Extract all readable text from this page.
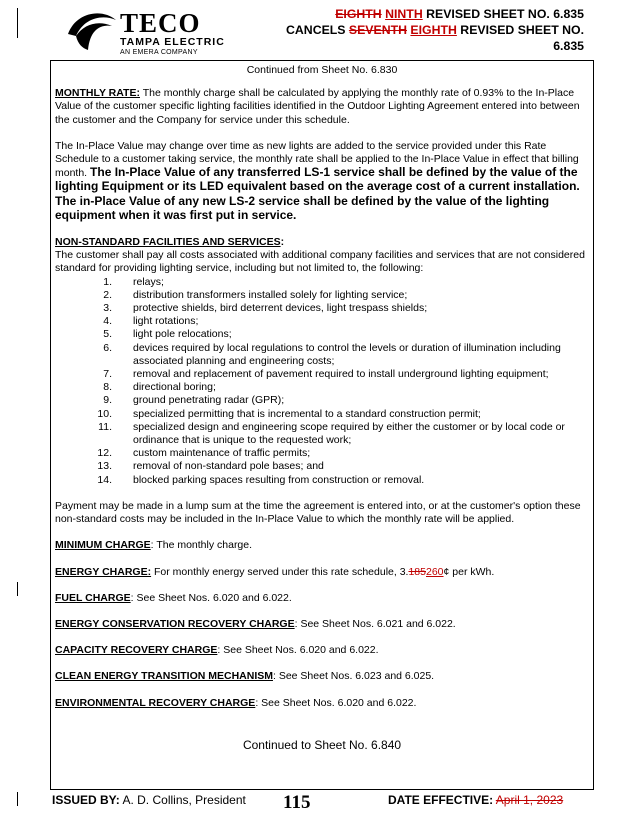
TECO
TAMPA ELECTRIC
AN EMERA COMPANY
EIGHTH NINTH REVISED SHEET NO. 6.835
CANCELS SEVENTH EIGHTH REVISED SHEET NO.
6.835

Continued from Sheet No. 6.830

MONTHLY RATE: The monthly charge shall be calculated by applying the monthly rate of 0.93% to the In-Place Value of the customer specific lighting facilities identified in the Outdoor Lighting Agreement entered into between the customer and the Company for service under this schedule.

The In-Place Value may change over time as new lights are added to the service provided under this Rate Schedule to a customer taking service, the monthly rate shall be applied to the In-Place Value in effect that billing month. The In-Place Value of any transferred LS-1 service shall be defined by the value of the lighting Equipment or its LED equivalent based on the average cost of a current installation. The in-Place Value of any new LS-2 service shall be defined by the value of the lighting equipment when it was first put in service.

NON-STANDARD FACILITIES AND SERVICES:

The customer shall pay all costs associated with additional company facilities and services that are not considered standard for providing lighting service, including but not limited to, the following:

1.	relays;
2.	distribution transformers installed solely for lighting service;
3.	protective shields, bird deterrent devices, light trespass shields;
4.	light rotations;
5.	light pole relocations;
6.	devices required by local regulations to control the levels or duration of illumination including associated planning and engineering costs;
7.	removal and replacement of pavement required to install underground lighting equipment;
8.	directional boring;
9.	ground penetrating radar (GPR);
10.	specialized permitting that is incremental to a standard construction permit;
11.	specialized design and engineering scope required by either the customer or by local code or ordinance that is unique to the requested work;
12.	custom maintenance of traffic permits;
13.	removal of non-standard pole bases; and
14.	blocked parking spaces resulting from construction or removal.

Payment may be made in a lump sum at the time the agreement is entered into, or at the customer's option these non-standard costs may be included in the In-Place Value to which the monthly rate will be applied.

MINIMUM CHARGE: The monthly charge.

ENERGY CHARGE: For monthly energy served under this rate schedule, 3.185260¢ per kWh.

FUEL CHARGE: See Sheet Nos. 6.020 and 6.022.

ENERGY CONSERVATION RECOVERY CHARGE: See Sheet Nos. 6.021 and 6.022.

CAPACITY RECOVERY CHARGE: See Sheet Nos. 6.020 and 6.022.

CLEAN ENERGY TRANSITION MECHANISM: See Sheet Nos. 6.023 and 6.025.

ENVIRONMENTAL RECOVERY CHARGE: See Sheet Nos. 6.020 and 6.022.

Continued to Sheet No. 6.840

ISSUED BY: A. D. Collins, President 115	DATE EFFECTIVE: April 1, 2023
